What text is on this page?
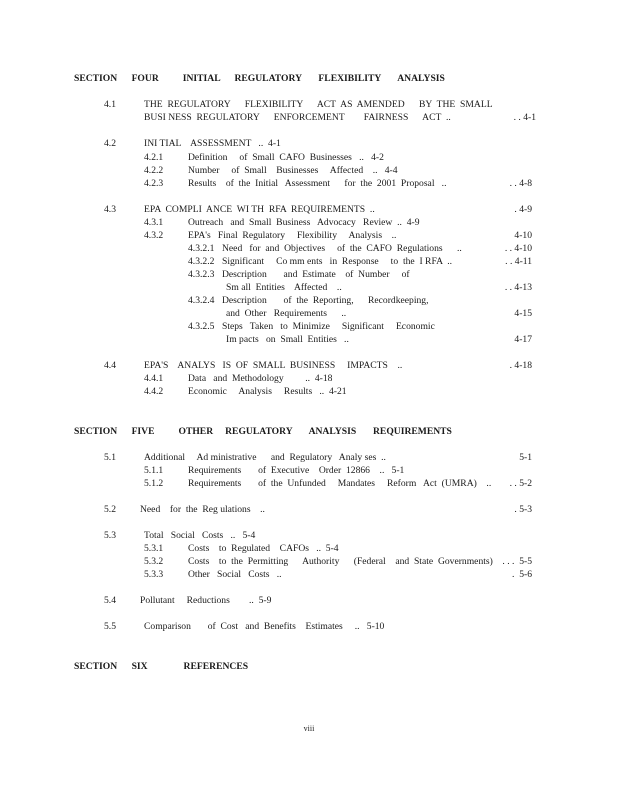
SECTION      FOUR          INITIAL      REGULATORY       FLEXIBILITY       ANALYSIS
4.1	THE  REGULATORY      FLEXIBILITY      ACT  AS  AMENDED      BY  THE  SMALL
BUSI NESS  REGULATORY      ENFORCEMENT        FAIRNESS      ACT  ..	. . 4-1
4.2	INI TIAL    ASSESSMENT   ..  4-1
4.2.1	Definition     of  Small  CAFO  Businesses   ..   4-2
4.2.2	Number     of  Small    Businesses     Affected    ..   4-4
4.2.3	Results    of  the  Initial   Assessment      for  the  2001  Proposal   ..	. . 4-8
4.3	EPA  COMPLI  ANCE  WI TH  RFA  REQUIREMENTS  ..	. 4-9
4.3.1	Outreach   and  Small  Business   Advocacy   Review  ..  4-9
4.3.2	EPA's   Final  Regulatory     Flexibility     Analysis    ..	4-10
4.3.2.1 Need   for  and  Objectives     of  the  CAFO  Regulations      ..	. . 4-10
4.3.2.2 Significant     Co mm ents   in  Response     to  the  I RFA  ..	. . 4-11
4.3.2.3 Description       and  Estimate    of  Number     of
Sm all  Entities    Affected    ..	. . 4-13
4.3.2.4 Description       of  the  Reporting,      Recordkeeping,
and  Other   Requirements      ..	4-15
4.3.2.5 Steps   Taken   to  Minimize     Significant     Economic
Im pacts   on  Small  Entities   ..	4-17
4.4	EPA'S    ANALYS   IS  OF  SMALL  BUSINESS     IMPACTS    ..	. 4-18
4.4.1	Data   and  Methodology         ..  4-18
4.4.2	Economic     Analysis     Results   ..  4-21
SECTION      FIVE          OTHER     REGULATORY       ANALYSIS       REQUIREMENTS
5.1	Additional     Ad ministrative      and  Regulatory   Analy ses  ..	5-1
5.1.1	Requirements       of  Executive    Order  12866    ..   5-1
5.1.2	Requirements       of  the  Unfunded     Mandates     Reform   Act  (UMRA)    .. . . 5-2
5.2	Need    for  the  Reg ulations    ..	. 5-3
5.3	Total   Social   Costs   ..   5-4
5.3.1	Costs    to  Regulated    CAFOs   ..  5-4
5.3.2	Costs    to  the  Permitting      Authority      (Federal    and  State  Governments) . . .  5-5
5.3.3	Other   Social   Costs   ..	.  5-6
5.4	Pollutant     Reductions        ..  5-9
5.5	Comparison       of  Cost   and  Benefits    Estimates     ..   5-10
SECTION      SIX               REFERENCES
viii
